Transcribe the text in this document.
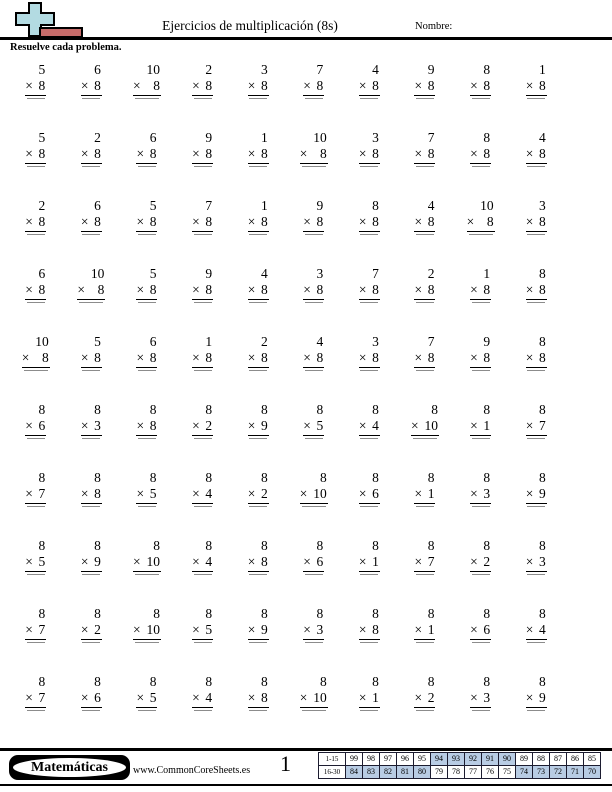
Ejercicios de multiplicación (8s)	Nombre:
Resuelve cada problema.
5
× 8
6
× 8
10
× 8
2
× 8
3
× 8
7
× 8
4
× 8
9
× 8
8
× 8
1
× 8
5
× 8
2
× 8
6
× 8
9
× 8
1
× 8
10
× 8
3
× 8
7
× 8
8
× 8
4
× 8
2
× 8
6
× 8
5
× 8
7
× 8
1
× 8
9
× 8
8
× 8
4
× 8
10
× 8
3
× 8
6
× 8
10
× 8
5
× 8
9
× 8
4
× 8
3
× 8
7
× 8
2
× 8
1
× 8
8
× 8
10
× 8
5
× 8
6
× 8
1
× 8
2
× 8
4
× 8
3
× 8
7
× 8
9
× 8
8
× 8
8
× 6
8
× 3
8
× 8
8
× 2
8
× 9
8
× 5
8
× 4
8
× 10
8
× 1
8
× 7
8
× 7
8
× 8
8
× 5
8
× 4
8
× 2
8
× 10
8
× 6
8
× 1
8
× 3
8
× 9
8
× 5
8
× 9
8
× 10
8
× 4
8
× 8
8
× 6
8
× 1
8
× 7
8
× 2
8
× 3
8
× 7
8
× 2
8
× 10
8
× 5
8
× 9
8
× 3
8
× 8
8
× 1
8
× 6
8
× 4
8
× 7
8
× 6
8
× 5
8
× 4
8
× 8
8
× 10
8
× 1
8
× 2
8
× 3
8
× 9
Matemáticas	www.CommonCoreSheets.es 1	1-15	99	98	97	96	95	94	93	92	91	90	89	88	87	86	85
16-30	84	83	82	81	80	79	78	77	76	75	74	73	72	71	70
